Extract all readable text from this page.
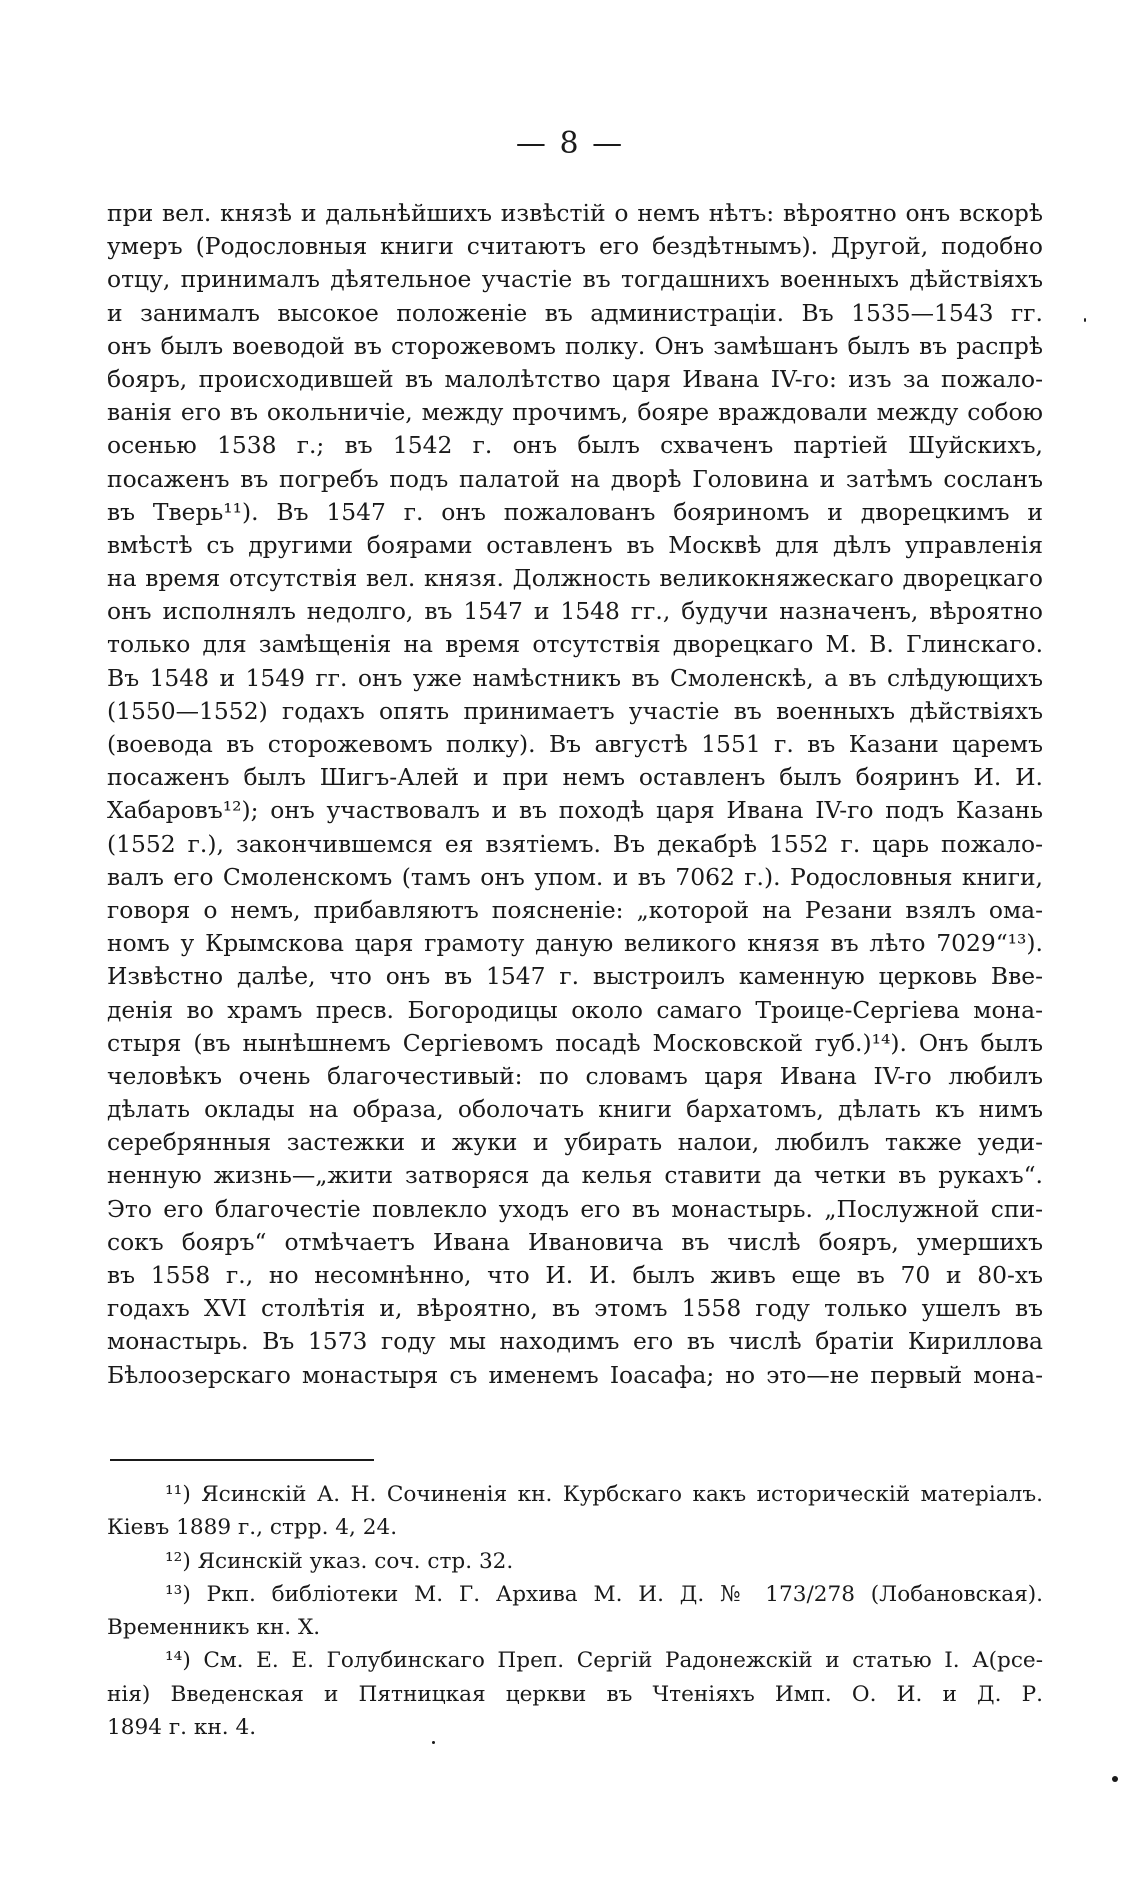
— 8 —
при вел. князѣ и дальнѣйшихъ извѣстій о немъ нѣтъ: вѣроятно онъ вскорѣ
умеръ (Родословныя книги считаютъ его бездѣтнымъ). Другой, подобно
отцу, принималъ дѣятельное участіе въ тогдашнихъ военныхъ дѣйствіяхъ
и занималъ высокое положеніе въ администраціи. Въ 1535—1543 гг.
онъ былъ воеводой въ сторожевомъ полку. Онъ замѣшанъ былъ въ распрѣ
бояръ, происходившей въ малолѣтство царя Ивана IV-го: изъ за пожало-
ванія его въ окольничіе, между прочимъ, бояре враждовали между собою
осенью 1538 г.; въ 1542 г. онъ былъ схваченъ партіей Шуйскихъ,
посаженъ въ погребъ подъ палатой на дворѣ Головина и затѣмъ сосланъ
въ Тверь¹¹). Въ 1547 г. онъ пожалованъ бояриномъ и дворецкимъ и
вмѣстѣ съ другими боярами оставленъ въ Москвѣ для дѣлъ управленія
на время отсутствія вел. князя. Должность великокняжескаго дворецкаго
онъ исполнялъ недолго, въ 1547 и 1548 гг., будучи назначенъ, вѣроятно
только для замѣщенія на время отсутствія дворецкаго М. В. Глинскаго.
Въ 1548 и 1549 гг. онъ уже намѣстникъ въ Смоленскѣ, а въ слѣдующихъ
(1550—1552) годахъ опять принимаетъ участіе въ военныхъ дѣйствіяхъ
(воевода въ сторожевомъ полку). Въ августѣ 1551 г. въ Казани царемъ
посаженъ былъ Шигъ-Алей и при немъ оставленъ былъ бояринъ И. И.
Хабаровъ¹²); онъ участвовалъ и въ походѣ царя Ивана IV-го подъ Казань
(1552 г.), закончившемся ея взятіемъ. Въ декабрѣ 1552 г. царь пожало-
валъ его Смоленскомъ (тамъ онъ упом. и въ 7062 г.). Родословныя книги,
говоря о немъ, прибавляютъ поясненіе: „которой на Резани взялъ ома-
номъ у Крымскова царя грамоту даную великого князя въ лѣто 7029“¹³).
Извѣстно далѣе, что онъ въ 1547 г. выстроилъ каменную церковь Вве-
денія во храмъ пресв. Богородицы около самаго Троице-Сергіева мона-
стыря (въ нынѣшнемъ Сергіевомъ посадѣ Московской губ.)¹⁴). Онъ былъ
человѣкъ очень благочестивый: по словамъ царя Ивана IV-го любилъ
дѣлать оклады на образа, оболочать книги бархатомъ, дѣлать къ нимъ
серебрянныя застежки и жуки и убирать налои, любилъ также уеди-
ненную жизнь—„жити затворяся да келья ставити да четки въ рукахъ“.
Это его благочестіе повлекло уходъ его въ монастырь. „Послужной спи-
сокъ бояръ“ отмѣчаетъ Ивана Ивановича въ числѣ бояръ, умершихъ
въ 1558 г., но несомнѣнно, что И. И. былъ живъ еще въ 70 и 80-хъ
годахъ XVI столѣтія и, вѣроятно, въ этомъ 1558 году только ушелъ въ
монастырь. Въ 1573 году мы находимъ его въ числѣ братіи Кириллова
Бѣлоозерскаго монастыря съ именемъ Іоасафа; но это—не первый мона-
¹¹) Ясинскій А. Н. Сочиненія кн. Курбскаго какъ историческій матеріалъ.
Кіевъ 1889 г., стрр. 4, 24.
¹²) Ясинскій указ. соч. стр. 32.
¹³) Ркп. библіотеки М. Г. Архива М. И. Д. № 173/278 (Лобановская).
Временникъ кн. X.
¹⁴) См. Е. Е. Голубинскаго Преп. Сергій Радонежскій и статью І. А(рсе-
нія) Введенская и Пятницкая церкви въ Чтеніяхъ Имп. О. И. и Д. Р.
1894 г. кн. 4.
